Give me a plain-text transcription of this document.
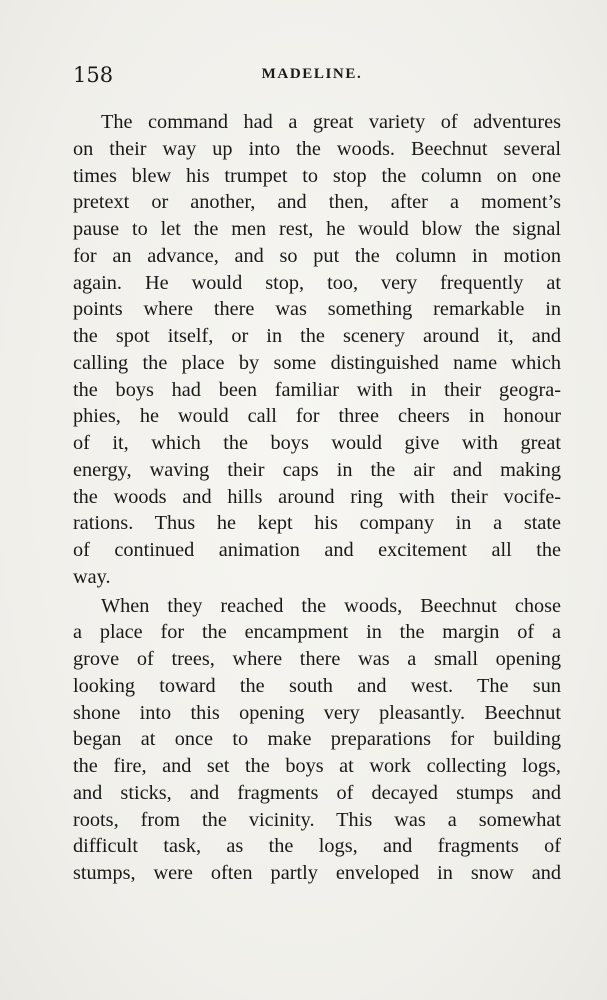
158	MADELINE.
The command had a great variety of adventures
on their way up into the woods. Beechnut several
times blew his trumpet to stop the column on one
pretext or another, and then, after a moment’s
pause to let the men rest, he would blow the signal
for an advance, and so put the column in motion
again. He would stop, too, very frequently at
points where there was something remarkable in
the spot itself, or in the scenery around it, and
calling the place by some distinguished name which
the boys had been familiar with in their geogra-
phies, he would call for three cheers in honour
of it, which the boys would give with great
energy, waving their caps in the air and making
the woods and hills around ring with their vocife-
rations. Thus he kept his company in a state
of continued animation and excitement all the
way.
When they reached the woods, Beechnut chose
a place for the encampment in the margin of a
grove of trees, where there was a small opening
looking toward the south and west. The sun
shone into this opening very pleasantly. Beechnut
began at once to make preparations for building
the fire, and set the boys at work collecting logs,
and sticks, and fragments of decayed stumps and
roots, from the vicinity. This was a somewhat
difficult task, as the logs, and fragments of
stumps, were often partly enveloped in snow and
